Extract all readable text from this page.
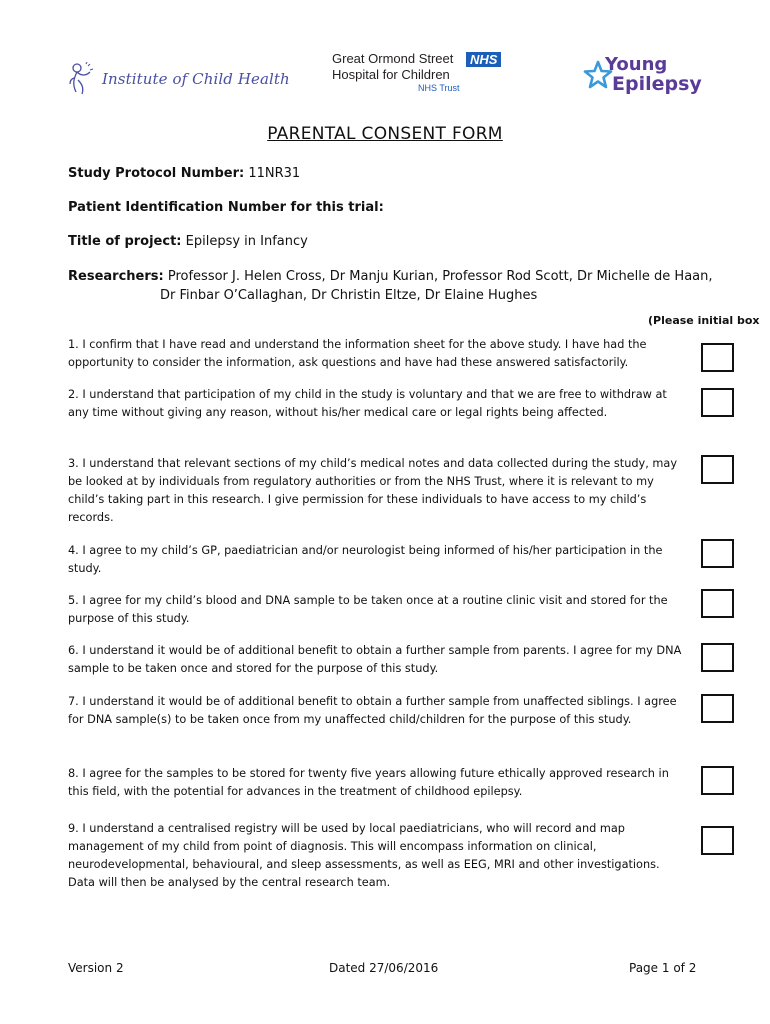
Institute of Child Health
Great Ormond Street	NHS
Hospital for Children
NHS Trust
Young
Epilepsy
PARENTAL CONSENT FORM
Study Protocol Number: 11NR31
Patient Identification Number for this trial:
Title of project: Epilepsy in Infancy
Researchers: Professor J. Helen Cross, Dr Manju Kurian, Professor Rod Scott, Dr Michelle de Haan,
Dr Finbar O’Callaghan, Dr Christin Eltze, Dr Elaine Hughes
(Please initial box
1. I confirm that I have read and understand the information sheet for the above study. I have had the opportunity to consider the information, ask questions and have had these answered satisfactorily.
2. I understand that participation of my child in the study is voluntary and that we are free to withdraw at any time without giving any reason, without his/her medical care or legal rights being affected.
3. I understand that relevant sections of my child’s medical notes and data collected during the study, may be looked at by individuals from regulatory authorities or from the NHS Trust, where it is relevant to my child’s taking part in this research. I give permission for these individuals to have access to my child’s records.
4. I agree to my child’s GP, paediatrician and/or neurologist being informed of his/her participation in the study.
5. I agree for my child’s blood and DNA sample to be taken once at a routine clinic visit and stored for the purpose of this study.
6. I understand it would be of additional benefit to obtain a further sample from parents. I agree for my DNA sample to be taken once and stored for the purpose of this study.
7. I understand it would be of additional benefit to obtain a further sample from unaffected siblings. I agree for DNA sample(s) to be taken once from my unaffected child/children for the purpose of this study.
8. I agree for the samples to be stored for twenty five years allowing future ethically approved research in this field, with the potential for advances in the treatment of childhood epilepsy.
9. I understand a centralised registry will be used by local paediatricians, who will record and map management of my child from point of diagnosis. This will encompass information on clinical, neurodevelopmental, behavioural, and sleep assessments, as well as EEG, MRI and other investigations. Data will then be analysed by the central research team.
Version 2	Dated 27/06/2016	Page 1 of 2
